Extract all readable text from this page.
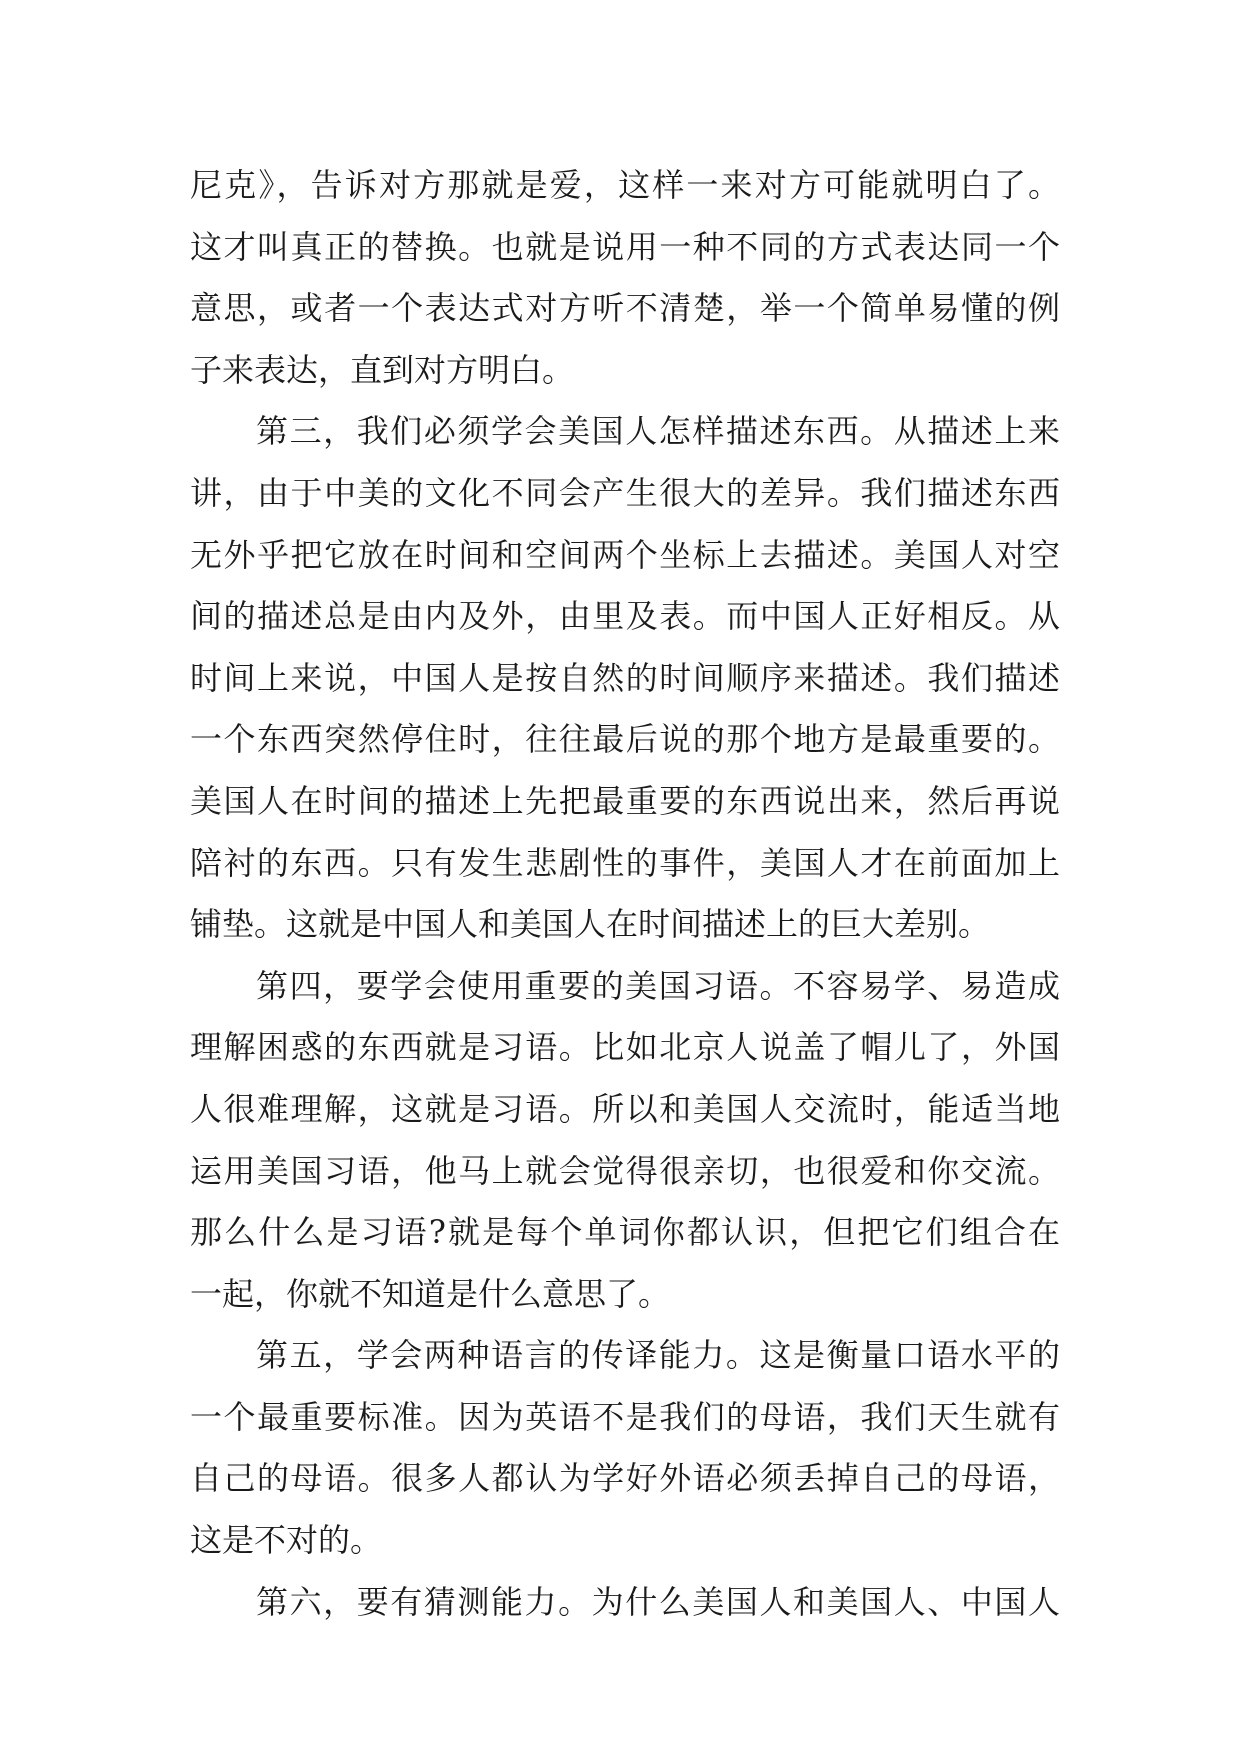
尼克》，告诉对方那就是爱，这样一来对方可能就明白了。
这才叫真正的替换。也就是说用一种不同的方式表达同一个
意思，或者一个表达式对方听不清楚，举一个简单易懂的例
子来表达，直到对方明白。
第三，我们必须学会美国人怎样描述东西。从描述上来
讲，由于中美的文化不同会产生很大的差异。我们描述东西
无外乎把它放在时间和空间两个坐标上去描述。美国人对空
间的描述总是由内及外，由里及表。而中国人正好相反。从
时间上来说，中国人是按自然的时间顺序来描述。我们描述
一个东西突然停住时，往往最后说的那个地方是最重要的。
美国人在时间的描述上先把最重要的东西说出来，然后再说
陪衬的东西。只有发生悲剧性的事件，美国人才在前面加上
铺垫。这就是中国人和美国人在时间描述上的巨大差别。
第四，要学会使用重要的美国习语。不容易学、易造成
理解困惑的东西就是习语。比如北京人说盖了帽儿了，外国
人很难理解，这就是习语。所以和美国人交流时，能适当地
运用美国习语，他马上就会觉得很亲切，也很爱和你交流。
那么什么是习语?就是每个单词你都认识，但把它们组合在
一起，你就不知道是什么意思了。
第五，学会两种语言的传译能力。这是衡量口语水平的
一个最重要标准。因为英语不是我们的母语，我们天生就有
自己的母语。很多人都认为学好外语必须丢掉自己的母语，
这是不对的。
第六，要有猜测能力。为什么美国人和美国人、中国人
